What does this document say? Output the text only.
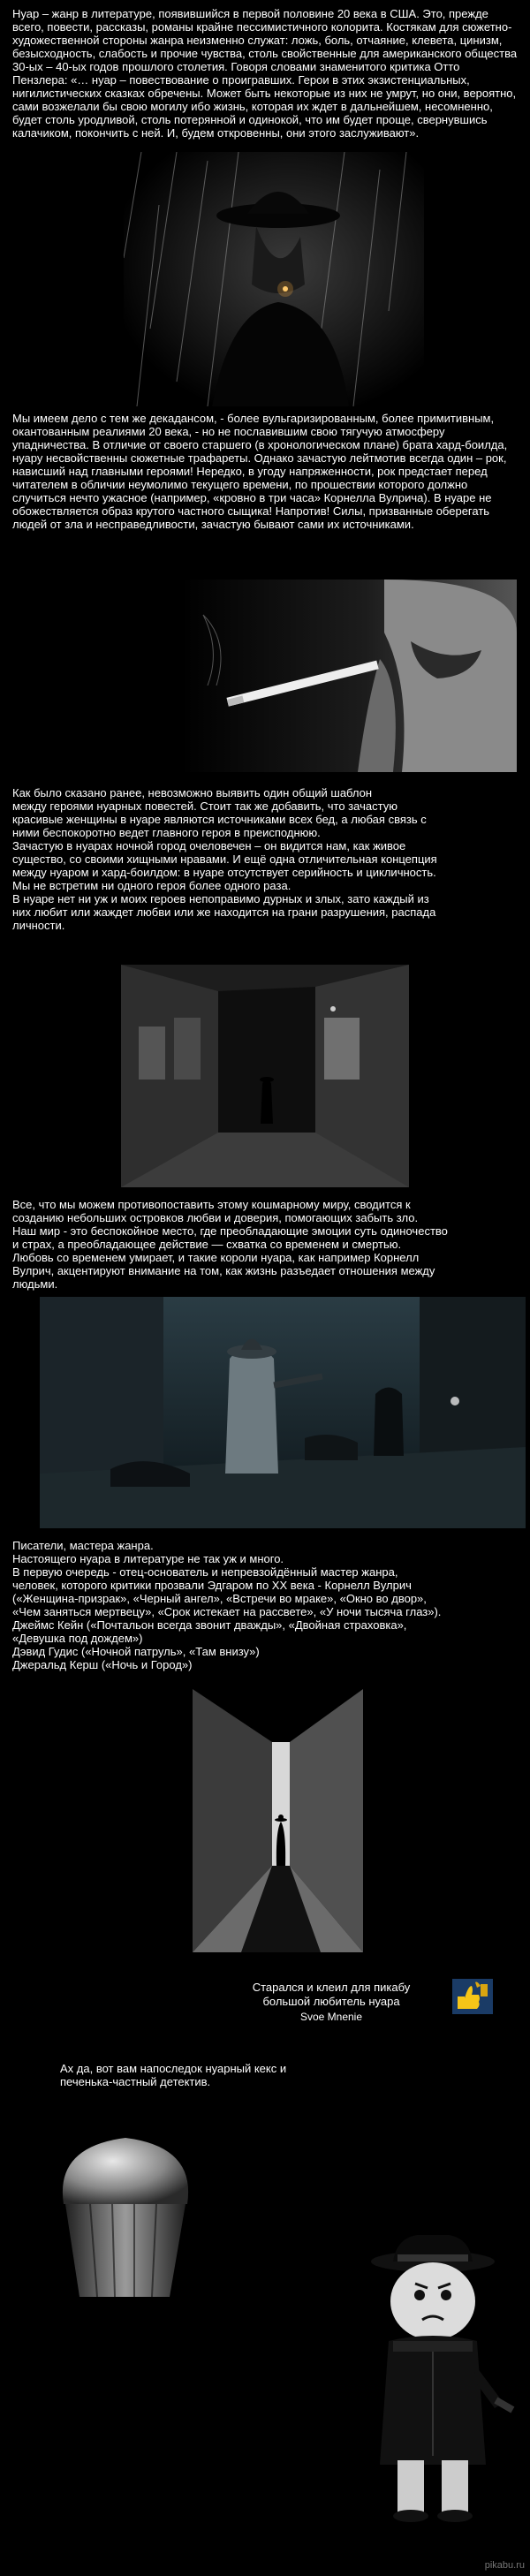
Нуар – жанр в литературе, появившийся в первой половине 20 века в США. Это, прежде всего, повести, рассказы, романы крайне пессимистичного колорита. Костякам для сюжетно-художественной стороны жанра неизменно служат: ложь, боль, отчаяние, клевета, цинизм, безысходность, слабость и прочие чувства, столь свойственные для американского общества 30-ых – 40-ых годов прошлого столетия. Говоря словами знаменитого критика Отто Пензлера: «… нуар – повествование о проигравших. Герои в этих экзистенциальных, нигилистических сказках обречены. Может быть некоторые из них не умрут, но они, вероятно, сами возжелали бы свою могилу ибо жизнь, которая их ждет в дальнейшем, несомненно, будет столь уродливой, столь потерянной и одинокой, что им будет проще, свернувшись калачиком, покончить с ней. И, будем откровенны, они этого заслуживают».
Мы имеем дело с тем же декадансом, - более вульгаризированным, более примитивным, окантованным реалиями 20 века, - но не пославившим свою тягучую атмосферу упадничества. В отличие от своего старшего (в хронологическом плане) брата хард-боилда, нуару несвойственны сюжетные трафареты. Однако зачастую лейтмотив всегда один – рок, нависший над главными героями! Нередко, в угоду напряженности, рок предстает перед читателем в обличии неумолимо текущего времени, по прошествии которого должно случиться нечто ужасное (например, «кровно в три часа» Корнелла Вулрича). В нуаре не обожествляется образ крутого частного сыщика! Напротив! Силы, призванные оберегать людей от зла и несправедливости, зачастую бывают сами их источниками.
Как было сказано ранее, невозможно выявить один общий шаблон
между героями нуарных повестей. Стоит так же добавить, что зачастую
красивые женщины в нуаре являются источниками всех бед, а любая связь с
ними беспокоротно ведет главного героя в преисподнюю.
Зачастую в нуарах ночной город очеловечен – он видится нам, как живое
существо, со своими хищными нравами. И ещё одна отличительная концепция
между нуаром и хард-боилдом: в нуаре отсутствует серийность и цикличность.
Мы не встретим ни одного героя более одного раза.
В нуаре нет ни уж и моих героев непоправимо дурных и злых, зато каждый из
них любит или жаждет любви или же находится на грани разрушения, распада
личности.
Все, что мы можем противопоставить этому кошмарному миру, сводится к
созданию небольших островков любви и доверия, помогающих забыть зло.
Наш мир - это беспокойное место, где преобладающие эмоции суть одиночество
и страх, а преобладающее действие — схватка со временем и смертью.
Любовь со временем умирает, и такие короли нуара, как например Корнелл
Вулрич, акцентируют внимание на том, как жизнь разъедает отношения между
людьми.
Писатели, мастера жанра.
Настоящего нуара в литературе не так уж и много.
В первую очередь - отец-основатель и непревзойдённый мастер жанра,
человек, которого критики прозвали Эдгаром по ХХ века - Корнелл Вулрич
(«Женщина-призрак», «Черный ангел», «Встречи во мраке», «Окно во двор»,
«Чем заняться мертвецу», «Срок истекает на рассвете», «У ночи тысяча глаз»).
Джеймс Кейн («Почтальон всегда звонит дважды», «Двойная страховка»,
«Девушка под дождем»)
Дэвид Гудис («Ночной патруль», «Там внизу»)
Джеральд Керш («Ночь и Город»)
Старался и клеил для пикабу
большой любитель нуара
Svoe Mnenie
Ах да, вот вам напоследок нуарный кекс и
печенька-частный детектив.
pikabu.ru
